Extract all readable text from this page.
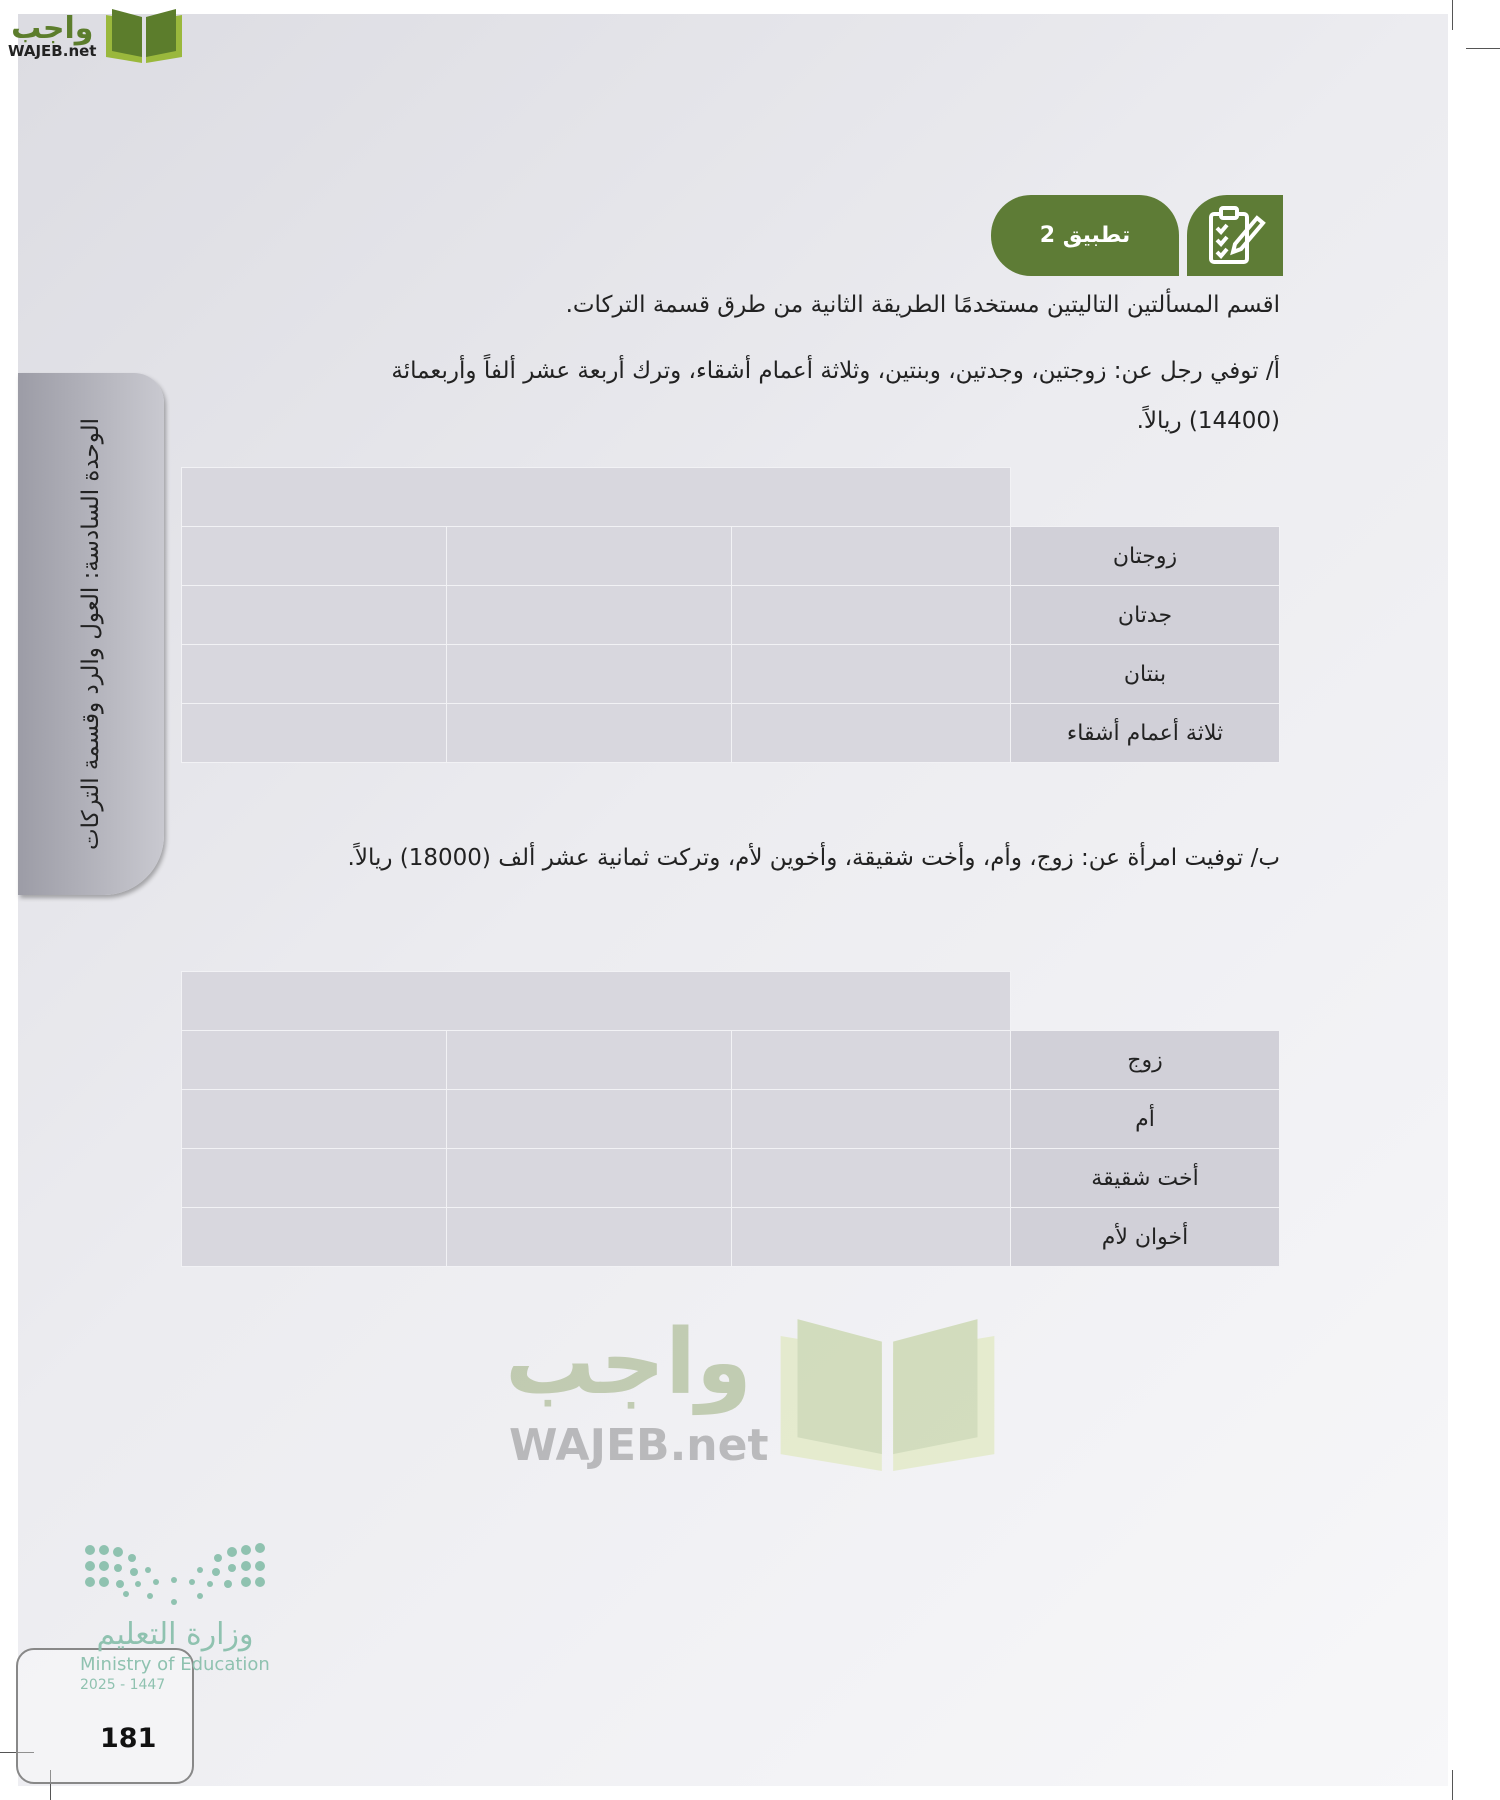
واجب
WAJEB.net
تطبيق 2
واجب
WAJEB.net
اقسم المسألتين التاليتين مستخدمًا الطريقة الثانية من طرق قسمة التركات.
أ/ توفي رجل عن: زوجتين، وجدتين، وبنتين، وثلاثة أعمام أشقاء، وترك أربعة عشر ألفاً وأربعمائة
(14400) ريالاً.

			زوجتان
			جدتان
			بنتان
			ثلاثة أعمام أشقاء
ب/ توفيت امرأة عن: زوج، وأم، وأخت شقيقة، وأخوين لأم، وتركت ثمانية عشر ألف (18000) ريالاً.

			زوج
			أم
			أخت شقيقة
			أخوان لأم
الوحدة السادسة: العول والرد وقسمة التركات
وزارة التعليم
Ministry of Education
2025 - 1447
181
